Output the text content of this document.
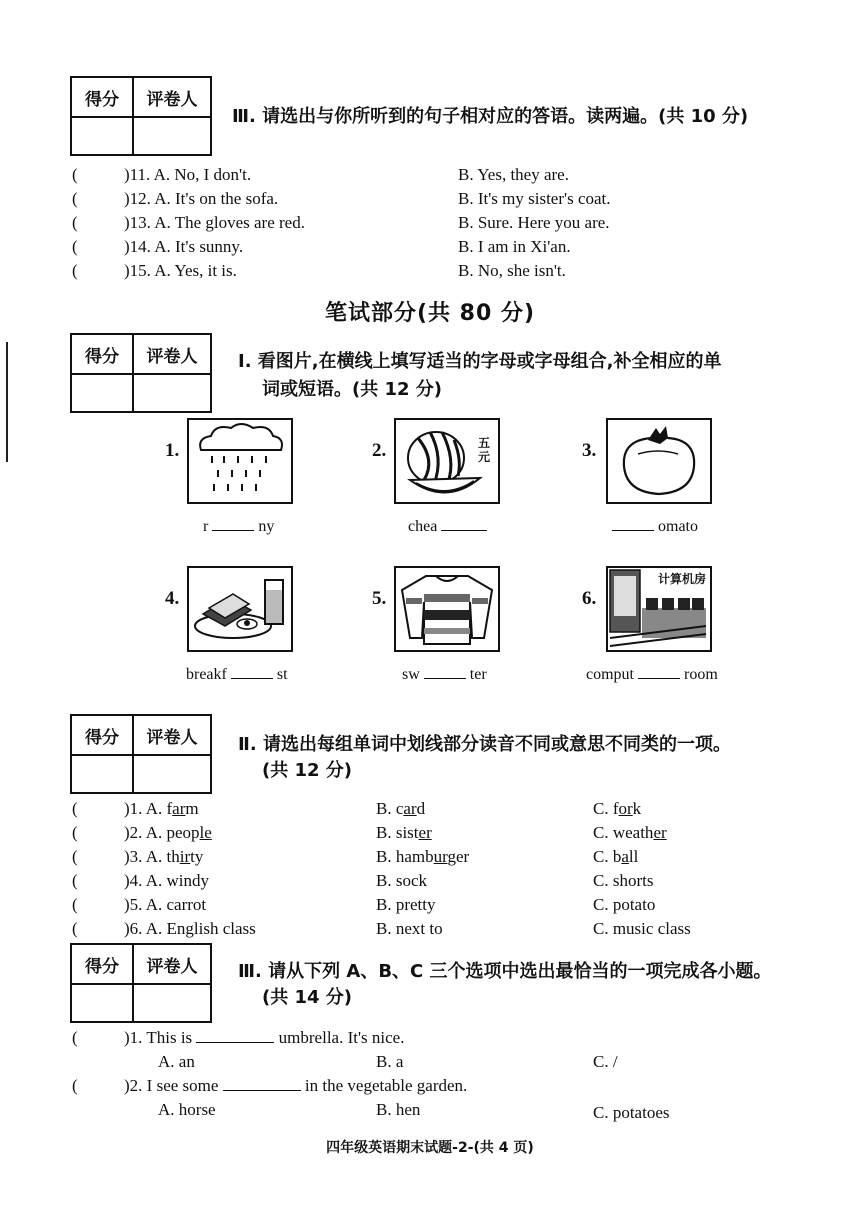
得分	评卷人
Ⅲ. 请选出与你所听到的句子相对应的答语。读两遍。(共 10 分)
(	)11. A. No, I don't.	B. Yes, they are.
(	)12. A. It's on the sofa.	B. It's my sister's coat.
(	)13. A. The gloves are red.	B. Sure. Here you are.
(	)14. A. It's sunny.	B. I am in Xi'an.
(	)15. A. Yes, it is.	B. No, she isn't.
笔试部分(共 80 分)
得分	评卷人	Ⅰ. 看图片,在横线上填写适当的字母或字母组合,补全相应的单
词或短语。(共 12 分)
1.
r	ny
2.	五元
chea
3.
omato
4.
breakf	st
5.
sw	ter
6.
计算机房
comput	room
得分	评卷人	Ⅱ. 请选出每组单词中划线部分读音不同或意思不同类的一项。
(共 12 分)
(	)1. A. farm	B. card	C. fork
(	)2. A. people	B. sister	C. weather
(	)3. A. thirty	B. hamburger	C. ball
(	)4. A. windy	B. sock	C. shorts
(	)5. A. carrot	B. pretty	C. potato
(	)6. A. English class	B. next to	C. music class
得分	评卷人	Ⅲ. 请从下列 A、B、C 三个选项中选出最恰当的一项完成各小题。
(共 14 分)
(	)1. This is	umbrella. It's nice.
A. an	B. a	C. /
(	)2. I see some	in the vegetable garden.
A. horse	B. hen	C. potatoes
四年级英语期末试题-2-(共 4 页)
